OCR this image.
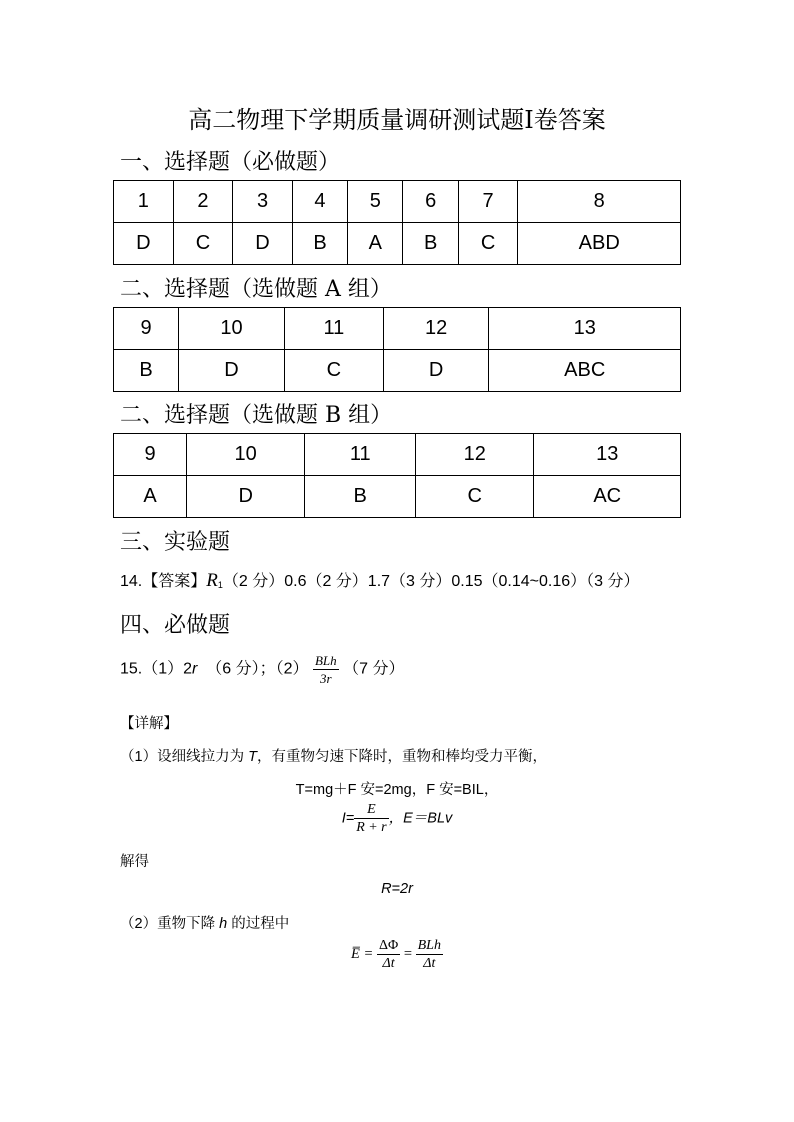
高二物理下学期质量调研测试题Ⅰ卷答案
一、选择题（必做题）
1	2	3	4	5	6	7	8
D	C	D	B	A	B	C	ABD
二、选择题（选做题 A 组）
9	10	11	12	13
B	D	C	D	ABC
二、选择题（选做题 B 组）
9	10	11	12	13
A	D	B	C	AC
三、实验题
14.【答案】$R_1(2$ 分）0.6（2 分）1.7（3 分）0.15（0.14~0.16）（3 分）
四、必做题
15.（1）2r （6 分）；$(2) \frac{\text{BLh}}{3r} (7$ 分）
【详解】
（1）设细线拉力为 T，有重物匀速下降时，重物和棒均受力平衡，
T=mg＋F 安=2mg，F 安=BIL，
$I= \frac{E}{R + r}$ ，E＝BLv
解得
R=2r
（2）重物下降 h 的过程中
E̅ = $\frac{\Delta\Phi}{\Delta t} = \frac{\text{BLh}}{\Delta t}$
